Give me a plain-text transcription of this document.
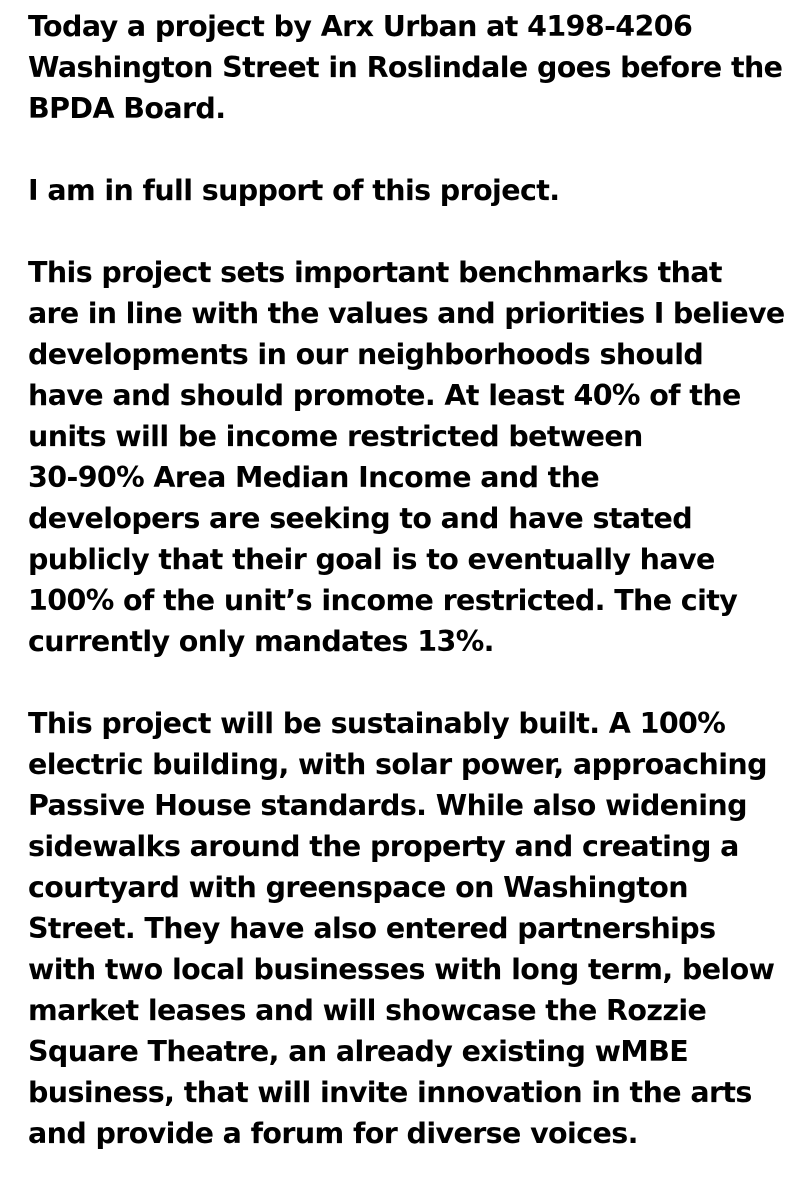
Today a project by Arx Urban at 4198-4206
Washington Street in Roslindale goes before the
BPDA Board.
I am in full support of this project.
This project sets important benchmarks that
are in line with the values and priorities I believe
developments in our neighborhoods should
have and should promote. At least 40% of the
units will be income restricted between
30-90% Area Median Income and the
developers are seeking to and have stated
publicly that their goal is to eventually have
100% of the unit’s income restricted. The city
currently only mandates 13%.
This project will be sustainably built. A 100%
electric building, with solar power, approaching
Passive House standards. While also widening
sidewalks around the property and creating a
courtyard with greenspace on Washington
Street. They have also entered partnerships
with two local businesses with long term, below
market leases and will showcase the Rozzie
Square Theatre, an already existing wMBE
business, that will invite innovation in the arts
and provide a forum for diverse voices.
